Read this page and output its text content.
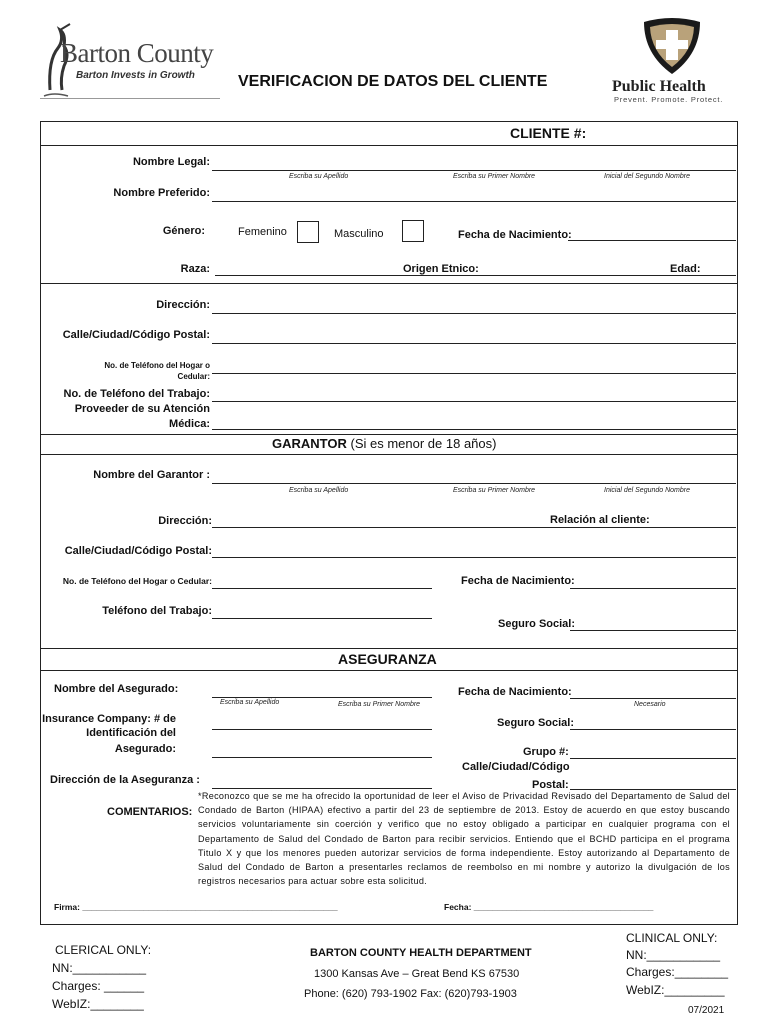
Barton County
Barton Invests in Growth	VERIFICACION DE DATOS DEL CLIENTE	Public Health
Prevent. Promote. Protect.
CLIENTE #:
Nombre Legal:
Escriba su Apellido	Escriba su Primer Nombre	Inicial del Segundo Nombre
Nombre Preferido:
Género:	Femenino	Masculino	Fecha de Nacimiento:
Raza:	Origen Etnico:	Edad:
Dirección:
Calle/Ciudad/Código Postal:
No. de Teléfono del Hogar o
Cedular:
No. de Teléfono del Trabajo:
Proveeder de su Atención
Médica:
GARANTOR (Si es menor de 18 años)
Nombre del Garantor :
Escriba su Apellido	Escriba su Primer Nombre	Inicial del Segundo Nombre
Dirección:	Relación al cliente:
Calle/Ciudad/Código Postal:
No. de Teléfono del Hogar o Cedular:	Fecha de Nacimiento:
Teléfono del Trabajo:
Seguro Social:
ASEGURANZA
Nombre del Asegurado:
Escriba su Apellido	Escriba su Primer Nombre
Fecha de Nacimiento:
Necesario
Insurance Company: # de
Identificación del
Asegurado:
Seguro Social:
Grupo #:
Calle/Ciudad/Código
Postal:
Dirección de la Aseguranza :
COMENTARIOS:
*Reconozco que se me ha ofrecido la oportunidad de leer el Aviso de Privacidad Revisado del Departamento de Salud del Condado de Barton (HIPAA) efectivo a partir del 23 de septiembre de 2013. Estoy de acuerdo en que estoy buscando servicios voluntariamente sin coerción y verifico que no estoy obligado a participar en cualquier programa con el Departamento de Salud del Condado de Barton para recibir servicios. Entiendo que el BCHD participa en el programa Titulo X y que los menores pueden autorizar servicios de forma independiente. Estoy autorizando al Departamento de Salud del Condado de Barton a presentarles reclamos de reembolso en mi nombre y autorizo la divulgación de los registros necesarios para actuar sobre esta solicitud.
Firma: ______________________________________________________	Fecha: ______________________________________
CLERICAL ONLY:
NN:___________
Charges: ______
WebIZ:________
BARTON COUNTY HEALTH DEPARTMENT
1300 Kansas Ave – Great Bend KS 67530
Phone: (620) 793-1902 Fax: (620)793-1903
CLINICAL ONLY:
NN:___________
Charges:________
WebIZ:_________
07/2021
